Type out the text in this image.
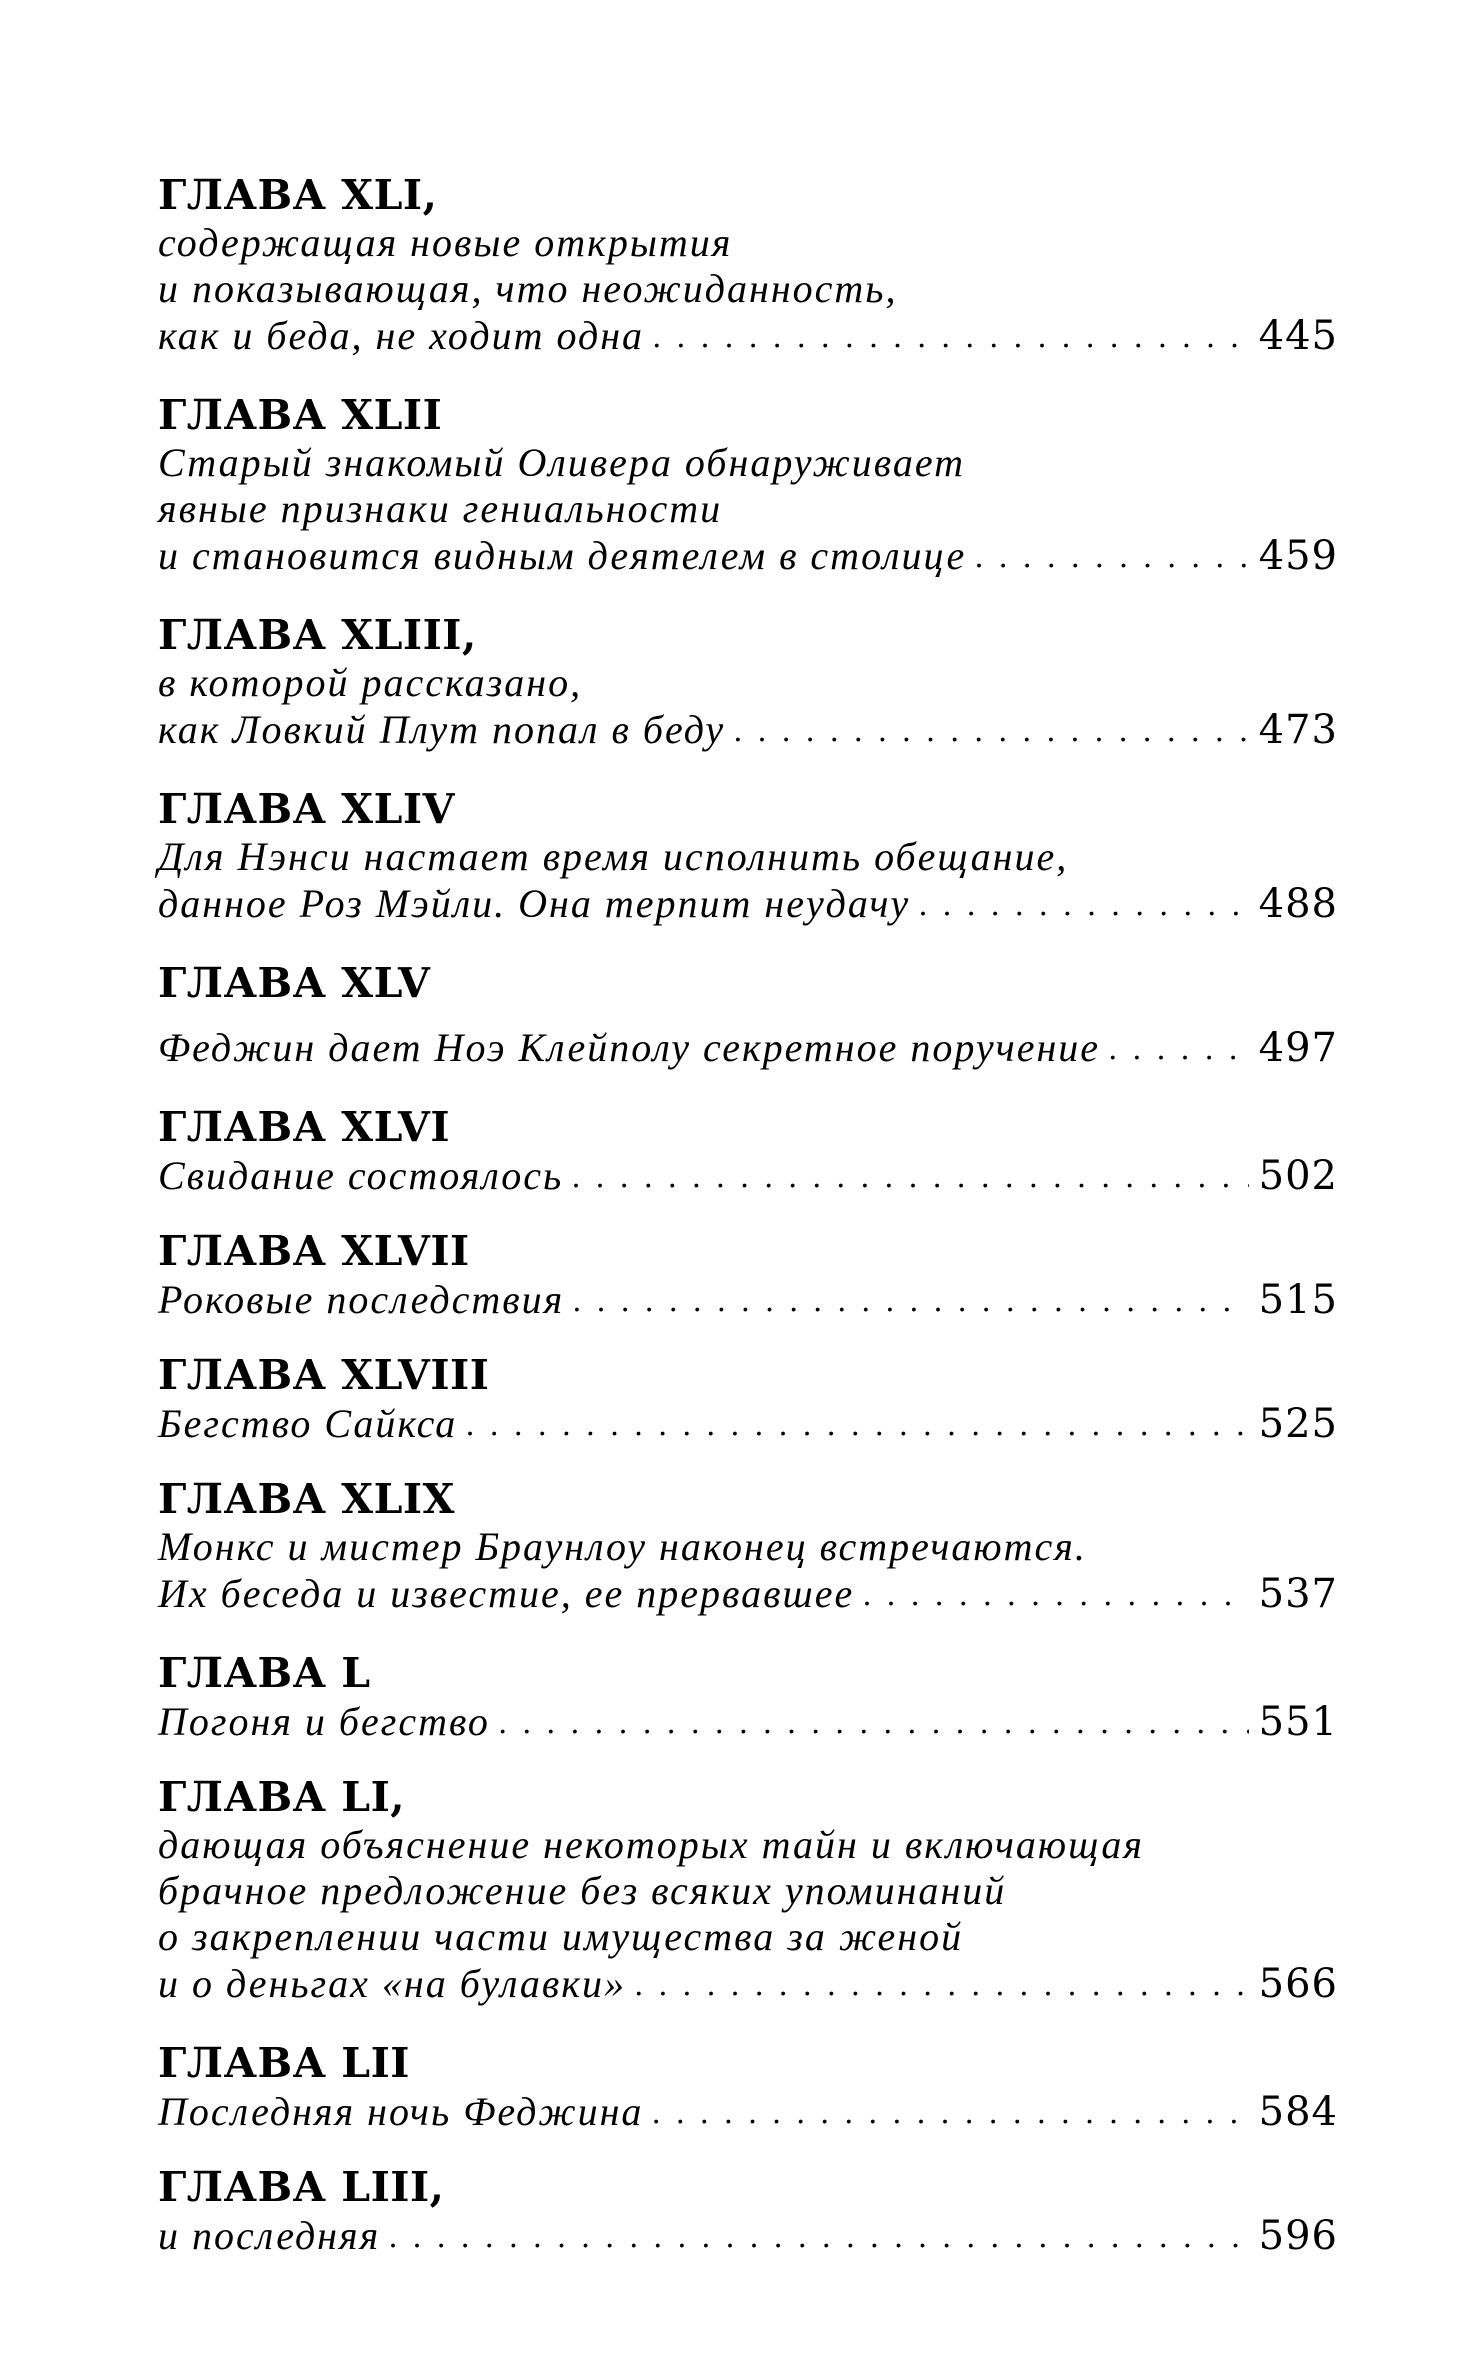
ГЛАВА XLI,
содержащая новые открытия
и показывающая, что неожиданность,
как и беда, не ходит одна . . .	445
ГЛАВА XLII
Старый знакомый Оливера обнаруживает
явные признаки гениальности
и становится видным деятелем в столице . . .	459
ГЛАВА XLIII,
в которой рассказано,
как Ловкий Плут попал в беду . . .	473
ГЛАВА XLIV
Для Нэнси настает время исполнить обещание,
данное Роз Мэйли. Она терпит неудачу . . .	488
ГЛАВА XLV
Феджин дает Ноэ Клейполу секретное поручение . . .	497
ГЛАВА XLVI
Свидание состоялось . . .	502
ГЛАВА XLVII
Роковые последствия . . .	515
ГЛАВА XLVIII
Бегство Сайкса . . .	525
ГЛАВА XLIX
Монкс и мистер Браунлоу наконец встречаются.
Их беседа и известие, ее прервавшее . . .	537
ГЛАВА L
Погоня и бегство . . .	551
ГЛАВА LI,
дающая объяснение некоторых тайн и включающая
брачное предложение без всяких упоминаний
о закреплении части имущества за женой
и о деньгах «на булавки» . . .	566
ГЛАВА LII
Последняя ночь Феджина . . .	584
ГЛАВА LIII,
и последняя . . .	596
